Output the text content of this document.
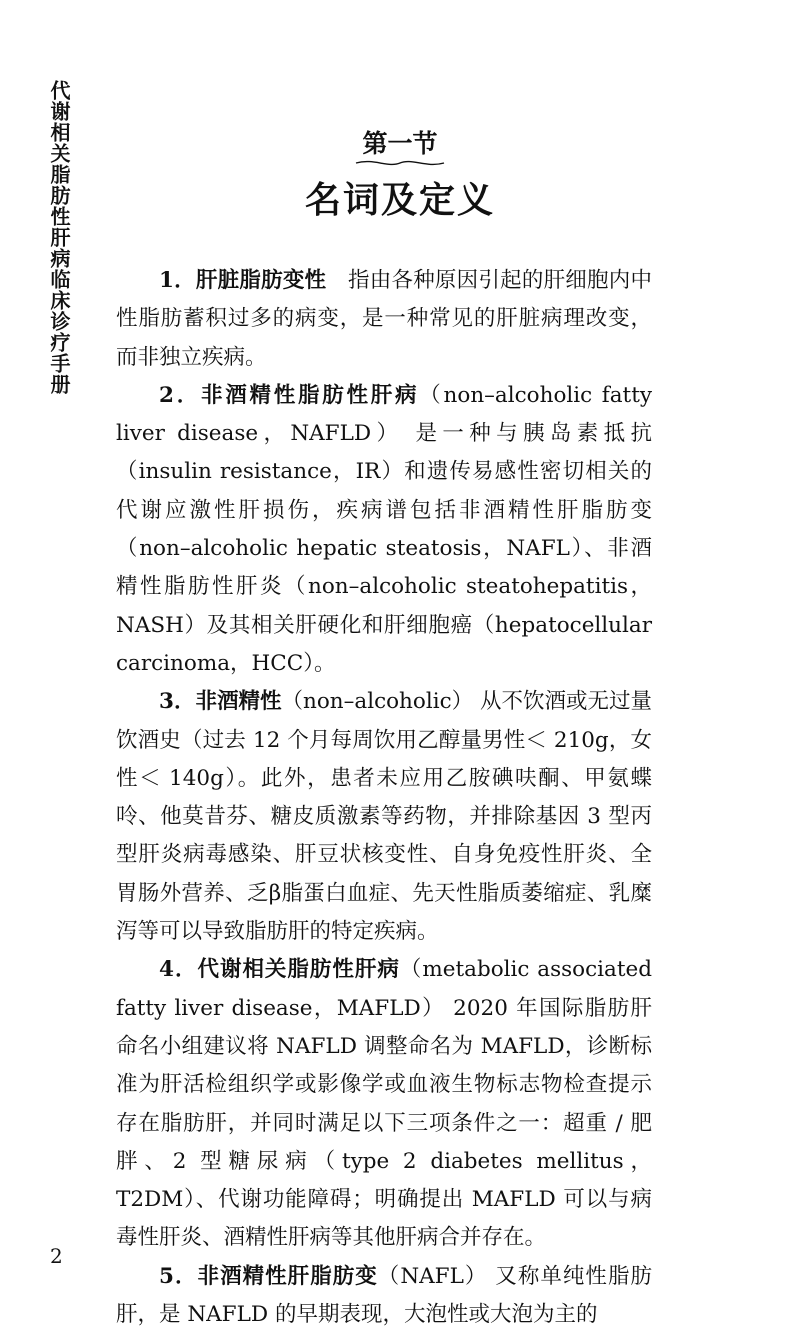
代谢相关脂肪性肝病临床诊疗手册	第一节
名词及定义

1．肝脏脂肪变性　指由各种原因引起的肝细胞内中性脂肪蓄积过多的病变，是一种常见的肝脏病理改变，而非独立疾病。

2．非酒精性脂肪性肝病（non–alcoholic fatty liver disease，NAFLD） 是一种与胰岛素抵抗（insulin resistance，IR）和遗传易感性密切相关的代谢应激性肝损伤，疾病谱包括非酒精性肝脂肪变（non–alcoholic hepatic steatosis，NAFL）、非酒精性脂肪性肝炎（non–alcoholic steatohepatitis，NASH）及其相关肝硬化和肝细胞癌（hepatocellular carcinoma，HCC）。

3．非酒精性（non–alcoholic） 从不饮酒或无过量饮酒史（过去 12 个月每周饮用乙醇量男性＜ 210g，女性＜ 140g）。此外，患者未应用乙胺碘呋酮、甲氨蝶呤、他莫昔芬、糖皮质激素等药物，并排除基因 3 型丙型肝炎病毒感染、肝豆状核变性、自身免疫性肝炎、全胃肠外营养、乏β脂蛋白血症、先天性脂质萎缩症、乳糜泻等可以导致脂肪肝的特定疾病。

4．代谢相关脂肪性肝病（metabolic associated fatty liver disease，MAFLD） 2020 年国际脂肪肝命名小组建议将 NAFLD 调整命名为 MAFLD，诊断标准为肝活检组织学或影像学或血液生物标志物检查提示存在脂肪肝，并同时满足以下三项条件之一：超重 / 肥胖、2 型糖尿病（type 2 diabetes mellitus，T2DM）、代谢功能障碍；明确提出 MAFLD 可以与病毒性肝炎、酒精性肝病等其他肝病合并存在。

5．非酒精性肝脂肪变（NAFL） 又称单纯性脂肪肝，是 NAFLD 的早期表现，大泡性或大泡为主的

2
